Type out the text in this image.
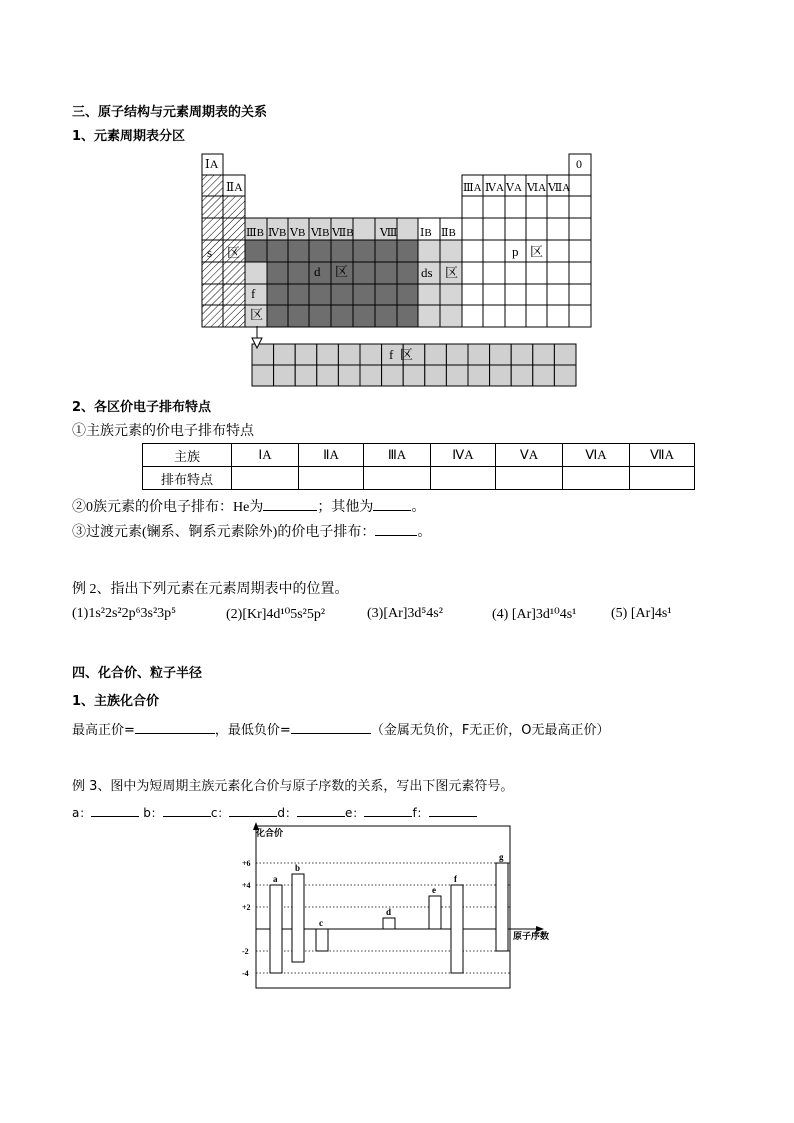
三、原子结构与元素周期表的关系
1、元素周期表分区
ⅠA
ⅡA
ⅢB ⅣB ⅤB ⅥB ⅦB Ⅷ ⅠB ⅡB
ⅢA ⅣA ⅤA ⅥA ⅦA
0
s 区	p 区
d 区	ds 区
f
区
f  区
2、各区价电子排布特点
①主族元素的价电子排布特点
主族	ⅠA	ⅡA	ⅢA	ⅣA	ⅤA	ⅥA	ⅦA
排布特点							
②0族元素的价电子排布：He为	；其他为	。
③过渡元素(镧系、锕系元素除外)的价电子排布：	。
例 2、指出下列元素在元素周期表中的位置。
(1)1s²2s²2p⁶3s²3p⁵	(2)[Kr]4d¹⁰5s²5p²	(3)[Ar]3d⁵4s²	(4) [Ar]3d¹⁰4s¹ (5) [Ar]4s¹
四、化合价、粒子半径
1、主族化合价
最高正价=	，最低负价=	（金属无负价，F无正价，O无最高正价）
例 3、图中为短周期主族元素化合价与原子序数的关系，写出下图元素符号。
a：	b：	c：	d：	e：	f：
+6
+4
+2
-2
-4
a
b
c
d
e
f
g
化合价
原子序数
